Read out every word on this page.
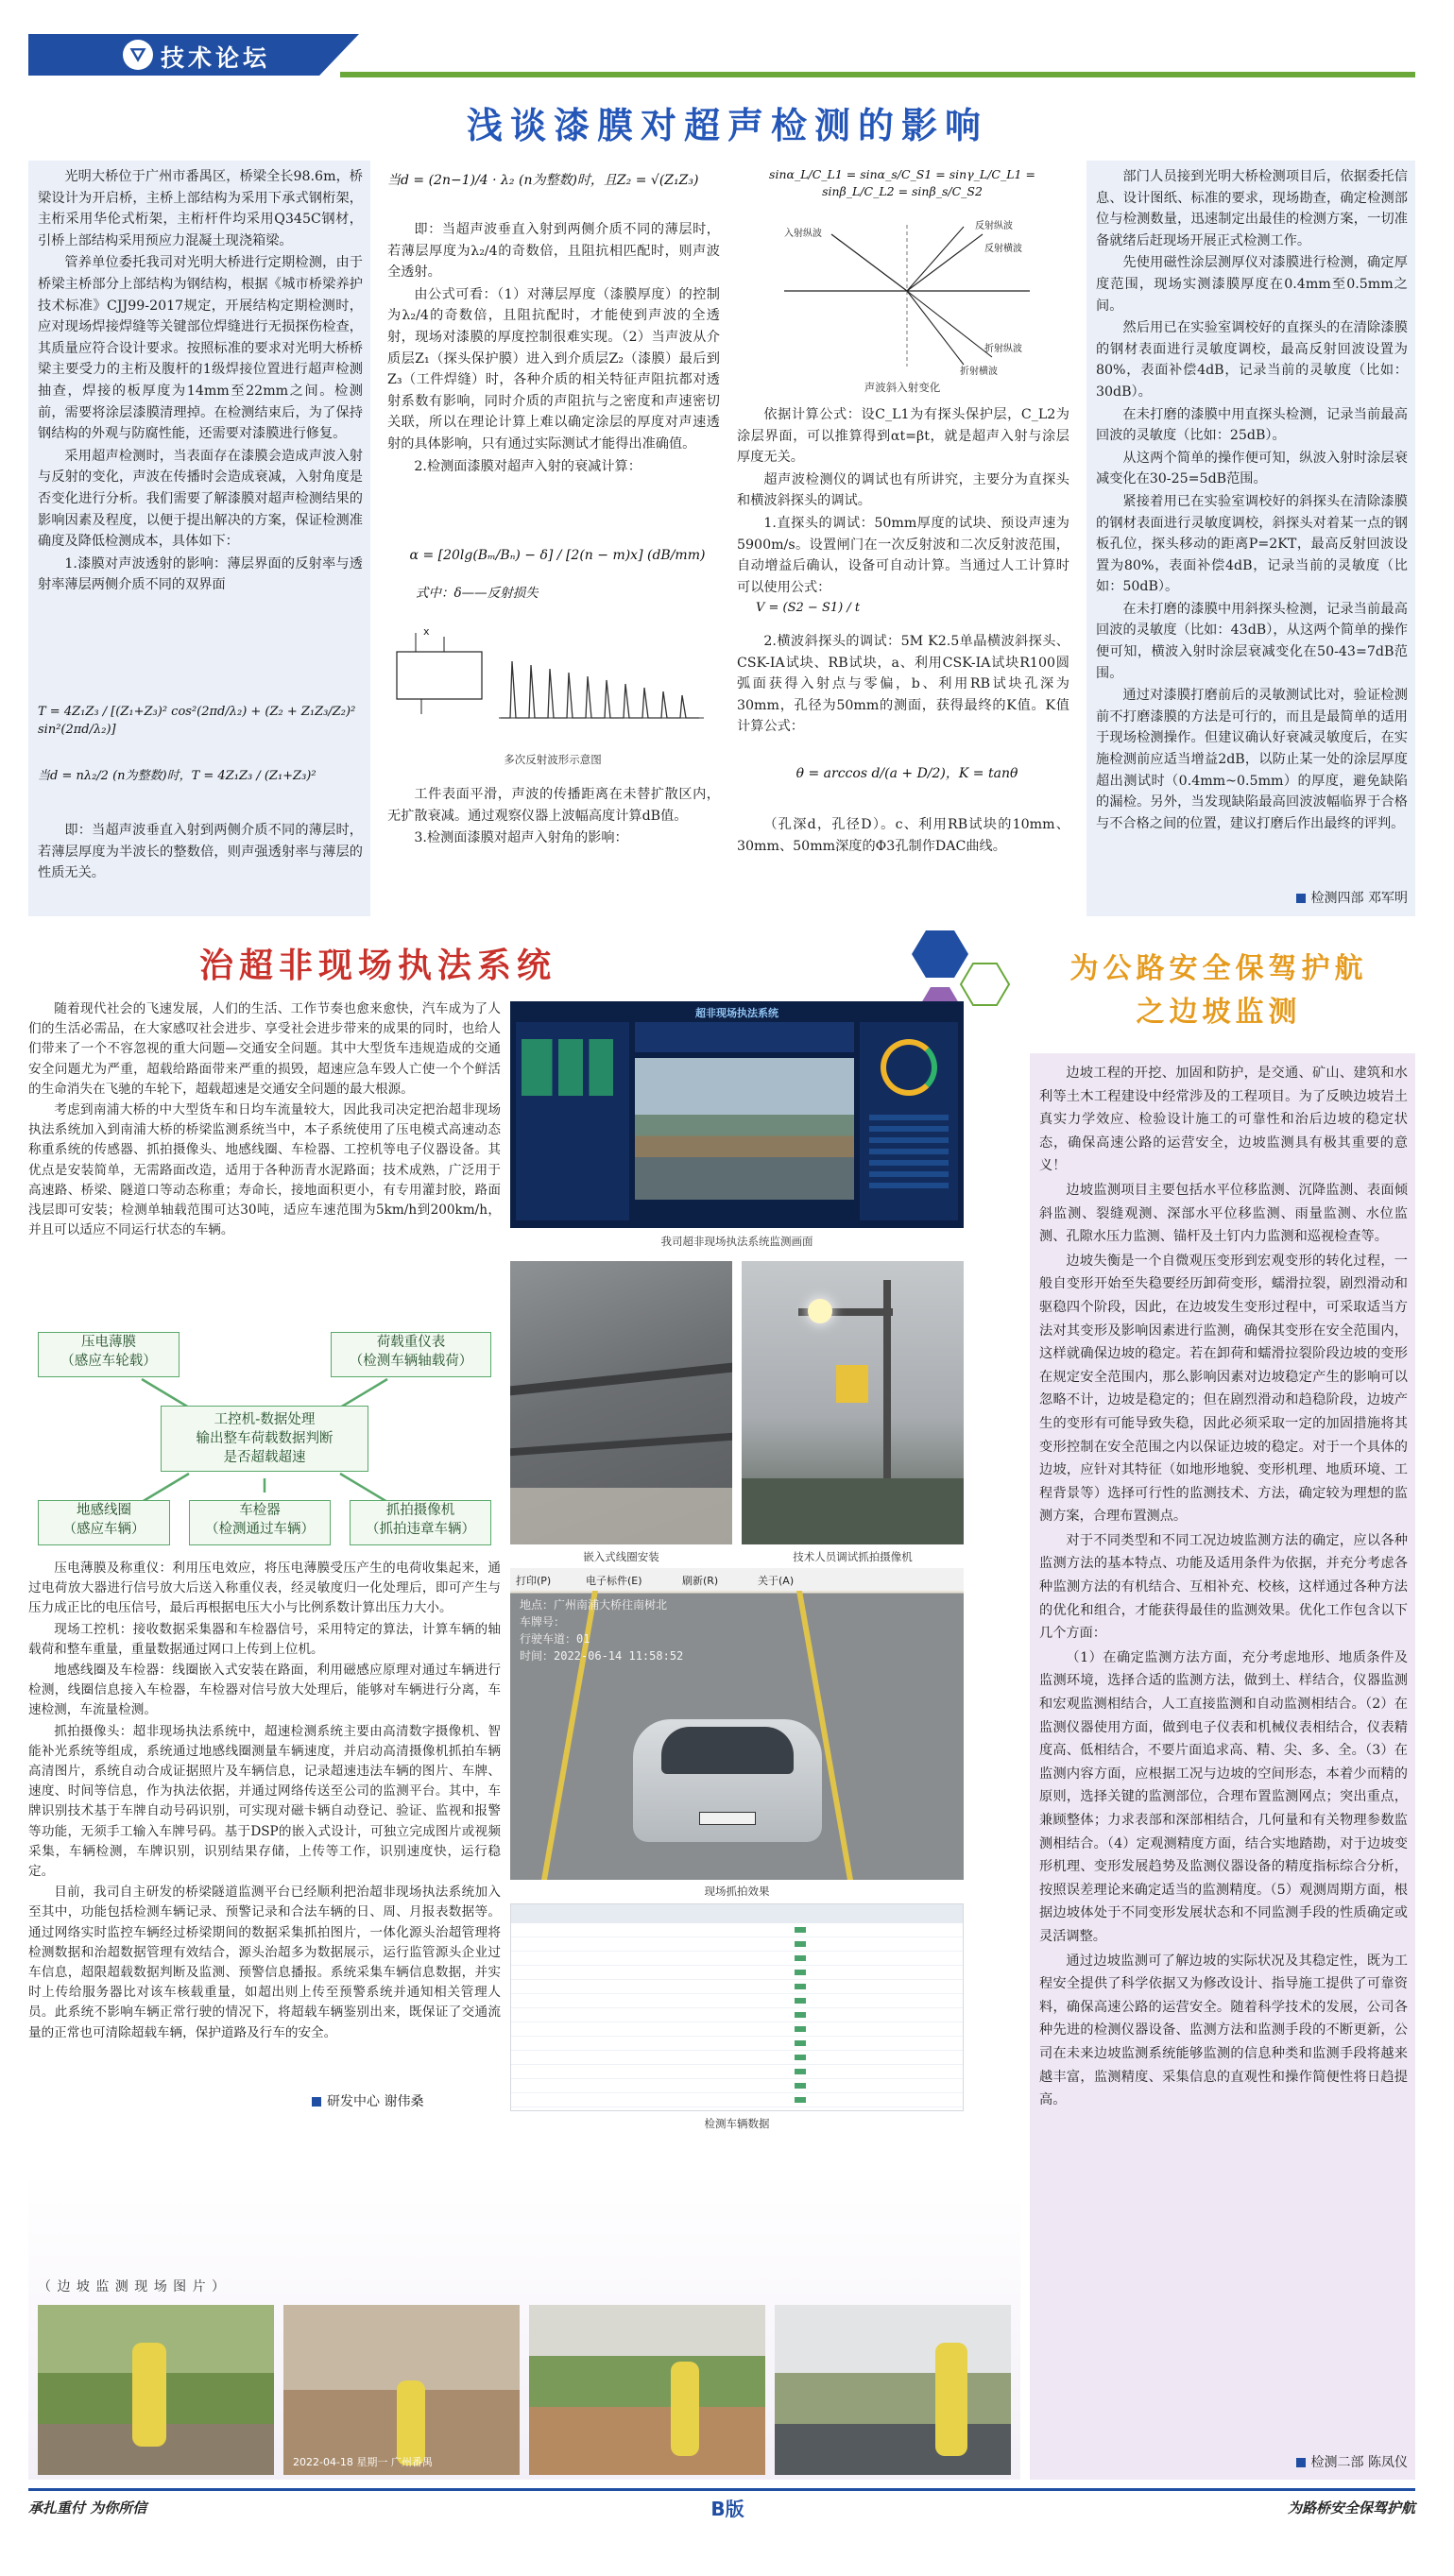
⛛ 技术论坛
浅谈漆膜对超声检测的影响

光明大桥位于广州市番禺区，桥梁全长98.6m，桥梁设计为开启桥，主桥上部结构为采用下承式钢桁架，主桁采用华伦式桁架，主桁杆件均采用Q345C钢材，引桥上部结构采用预应力混凝土现浇箱梁。

管养单位委托我司对光明大桥进行定期检测，由于桥梁主桥部分上部结构为钢结构，根据《城市桥梁养护技术标准》CJJ99-2017规定，开展结构定期检测时，应对现场焊接焊缝等关键部位焊缝进行无损探伤检查，其质量应符合设计要求。按照标准的要求对光明大桥桥梁主要受力的主桁及腹杆的1级焊接位置进行超声检测抽查，焊接的板厚度为14mm至22mm之间。检测前，需要将涂层漆膜清理掉。在检测结束后，为了保持钢结构的外观与防腐性能，还需要对漆膜进行修复。

采用超声检测时，当表面存在漆膜会造成声波入射与反射的变化，声波在传播时会造成衰减，入射角度是否变化进行分析。我们需要了解漆膜对超声检测结果的影响因素及程度，以便于提出解决的方案，保证检测准确度及降低检测成本，具体如下：

1.漆膜对声波透射的影响：薄层界面的反射率与透射率薄层两侧介质不同的双界面

T = 4Z₁Z₃ / [(Z₁+Z₃)² cos²(2πd/λ₂) + (Z₂ + Z₁Z₃/Z₂)² sin²(2πd/λ₂)]
当d = nλ₂/2 (n为整数)时，T = 4Z₁Z₃ / (Z₁+Z₃)²

即：当超声波垂直入射到两侧介质不同的薄层时，若薄层厚度为半波长的整数倍，则声强透射率与薄层的性质无关。

当d = (2n−1)/4 · λ₂ (n为整数)时，且Z₂ = √(Z₁Z₃)

即：当超声波垂直入射到两侧介质不同的薄层时，若薄层厚度为λ₂/4的奇数倍，且阻抗相匹配时，则声波全透射。

由公式可看：（1）对薄层厚度（漆膜厚度）的控制为λ₂/4的奇数倍，且阻抗配时，才能使到声波的全透射，现场对漆膜的厚度控制很难实现。（2）当声波从介质层Z₁（探头保护膜）进入到介质层Z₂（漆膜）最后到Z₃（工件焊缝）时，各种介质的相关特征声阻抗都对透射系数有影响，同时介质的声阻抗与之密度和声速密切关联，所以在理论计算上难以确定涂层的厚度对声速透射的具体影响，只有通过实际测试才能得出准确值。

2.检测面漆膜对超声入射的衰减计算：

α = [20lg(Bₘ/Bₙ) − δ] / [2(n − m)x] (dB/mm)
式中：δ——反射损失
x
多次反射波形示意图

工件表面平滑，声波的传播距离在未替扩散区内，无扩散衰减。通过观察仪器上波幅高度计算dB值。

3.检测面漆膜对超声入射角的影响：

sinα_L/C_L1 = sinα_s/C_S1 = sinγ_L/C_L1 = sinβ_L/C_L2 = sinβ_s/C_S2
入射纵波
反射纵波
反射横波
折射纵波
折射横波
声波斜入射变化

依据计算公式：设C_L1为有探头保护层，C_L2为涂层界面，可以推算得到αt=βt，就是超声入射与涂层厚度无关。

超声波检测仪的调试也有所讲究，主要分为直探头和横波斜探头的调试。

1.直探头的调试：50mm厚度的试块、预设声速为5900m/s。设置闸门在一次反射波和二次反射波范围，自动增益后确认，设备可自动计算。当通过人工计算时可以使用公式：

V = (S2 − S1) / t

2.横波斜探头的调试：5M K2.5单晶横波斜探头、CSK-IA试块、RB试块，a、利用CSK-IA试块R100圆弧面获得入射点与零偏，b、利用RB试块孔深为30mm，孔径为50mm的测面，获得最终的K值。K值计算公式：

θ = arccos d/(a + D/2)，K = tanθ

（孔深d，孔径D）。c、利用RB试块的10mm、30mm、50mm深度的Φ3孔制作DAC曲线。

部门人员接到光明大桥检测项目后，依据委托信息、设计图纸、标准的要求，现场勘查，确定检测部位与检测数量，迅速制定出最佳的检测方案，一切准备就绪后赶现场开展正式检测工作。

先使用磁性涂层测厚仪对漆膜进行检测，确定厚度范围，现场实测漆膜厚度在0.4mm至0.5mm之间。

然后用已在实验室调校好的直探头的在清除漆膜的钢材表面进行灵敏度调校，最高反射回波设置为80%，表面补偿4dB，记录当前的灵敏度（比如：30dB）。

在未打磨的漆膜中用直探头检测，记录当前最高回波的灵敏度（比如：25dB）。

从这两个简单的操作便可知，纵波入射时涂层衰减变化在30-25=5dB范围。

紧接着用已在实验室调校好的斜探头在清除漆膜的钢材表面进行灵敏度调校，斜探头对着某一点的钢板孔位，探头移动的距离P=2KT，最高反射回波设置为80%，表面补偿4dB，记录当前的灵敏度（比如：50dB）。

在未打磨的漆膜中用斜探头检测，记录当前最高回波的灵敏度（比如：43dB），从这两个简单的操作便可知，横波入射时涂层衰减变化在50-43=7dB范围。

通过对漆膜打磨前后的灵敏测试比对，验证检测前不打磨漆膜的方法是可行的，而且是最简单的适用于现场检测操作。但建议确认好衰减灵敏度后，在实施检测前应适当增益2dB，以防止某一处的涂层厚度超出测试时（0.4mm~0.5mm）的厚度，避免缺陷的漏检。另外，当发现缺陷最高回波波幅临界于合格与不合格之间的位置，建议打磨后作出最终的评判。

检测四部 邓军明
治超非现场执法系统

随着现代社会的飞速发展，人们的生活、工作节奏也愈来愈快，汽车成为了人们的生活必需品，在大家感叹社会进步、享受社会进步带来的成果的同时，也给人们带来了一个不容忽视的重大问题—交通安全问题。其中大型货车违规造成的交通安全问题尤为严重，超载给路面带来严重的损毁，超速应急车毁人亡使一个个鲜活的生命消失在飞驰的车轮下，超载超速是交通安全问题的最大根源。

考虑到南浦大桥的中大型货车和日均车流量较大，因此我司决定把治超非现场执法系统加入到南浦大桥的桥梁监测系统当中，本子系统使用了压电模式高速动态称重系统的传感器、抓拍摄像头、地感线圈、车检器、工控机等电子仪器设备。其优点是安装简单，无需路面改造，适用于各种沥青水泥路面；技术成熟，广泛用于高速路、桥梁、隧道口等动态称重；寿命长，接地面积更小，有专用灌封胶，路面浅层即可安装；检测单轴载范围可达30吨，适应车速范围为5km/h到200km/h，并且可以适应不同运行状态的车辆。

压电薄膜
（感应车轮载）
荷载重仪表
（检测车辆轴载荷）
工控机-数据处理
输出整车荷载数据判断
是否超载超速
地感线圈
（感应车辆）
车检器
（检测通过车辆）
抓拍摄像机
（抓拍违章车辆）

压电薄膜及称重仪：利用压电效应，将压电薄膜受压产生的电荷收集起来，通过电荷放大器进行信号放大后送入称重仪表，经灵敏度归一化处理后，即可产生与压力成正比的电压信号，最后再根据电压大小与比例系数计算出压力大小。

现场工控机：接收数据采集器和车检器信号，采用特定的算法，计算车辆的轴载荷和整车重量，重量数据通过网口上传到上位机。

地感线圈及车检器：线圈嵌入式安装在路面，利用磁感应原理对通过车辆进行检测，线圈信息接入车检器，车检器对信号放大处理后，能够对车辆进行分离，车速检测，车流量检测。

抓拍摄像头：超非现场执法系统中，超速检测系统主要由高清数字摄像机、智能补光系统等组成，系统通过地感线圈测量车辆速度，并启动高清摄像机抓拍车辆高清图片，系统自动合成证据照片及车辆信息，记录超速违法车辆的图片、车牌、速度、时间等信息，作为执法依据，并通过网络传送至公司的监测平台。其中，车牌识别技术基于车牌自动号码识别，可实现对磁卡辆自动登记、验证、监视和报警等功能，无须手工输入车牌号码。基于DSP的嵌入式设计，可独立完成图片或视频采集，车辆检测，车牌识别，识别结果存储，上传等工作，识别速度快，运行稳定。

目前，我司自主研发的桥梁隧道监测平台已经顺利把治超非现场执法系统加入至其中，功能包括检测车辆记录、预警记录和合法车辆的日、周、月报表数据等。通过网络实时监控车辆经过桥梁期间的数据采集抓拍图片，一体化源头治超管理将检测数据和治超数据管理有效结合，源头治超多为数据展示，运行监管源头企业过车信息，超限超载数据判断及监测、预警信息播报。系统采集车辆信息数据，并实时上传给服务器比对该车核载重量，如超出则上传至预警系统并通知相关管理人员。此系统不影响车辆正常行驶的情况下，将超载车辆鉴别出来，既保证了交通流量的正常也可清除超载车辆，保护道路及行车的安全。

研发中心 谢伟桑
超非现场执法系统
我司超非现场执法系统监测画面
嵌入式线圈安装	技术人员调试抓拍摄像机
打印(P)	电子标件(E)	刷新(R)	关于(A)
地点：广州南浦大桥往南树北
车牌号：
行驶车道：01
时间：2022-06-14 11:58:52
现场抓拍效果
检测车辆数据
为公路安全保驾护航
之边坡监测

边坡工程的开挖、加固和防护，是交通、矿山、建筑和水利等土木工程建设中经常涉及的工程项目。为了反映边坡岩土真实力学效应、检验设计施工的可靠性和治后边坡的稳定状态，确保高速公路的运营安全，边坡监测具有极其重要的意义！

边坡监测项目主要包括水平位移监测、沉降监测、表面倾斜监测、裂缝观测、深部水平位移监测、雨量监测、水位监测、孔隙水压力监测、锚杆及土钉内力监测和巡视检查等。

边坡失衡是一个自微观压变形到宏观变形的转化过程，一般自变形开始至失稳要经历卸荷变形，蠕滑拉裂，剧烈滑动和驱稳四个阶段，因此，在边坡发生变形过程中，可采取适当方法对其变形及影响因素进行监测，确保其变形在安全范围内，这样就确保边坡的稳定。若在卸荷和蠕滑拉裂阶段边坡的变形在规定安全范围内，那么影响因素对边坡稳定产生的影响可以忽略不计，边坡是稳定的；但在剧烈滑动和趋稳阶段，边坡产生的变形有可能导致失稳，因此必须采取一定的加固措施将其变形控制在安全范围之内以保证边坡的稳定。对于一个具体的边坡，应针对其特征（如地形地貌、变形机理、地质环境、工程背景等）选择可行性的监测技术、方法，确定较为理想的监测方案，合理布置测点。

对于不同类型和不同工况边坡监测方法的确定，应以各种监测方法的基本特点、功能及适用条件为依据，并充分考虑各种监测方法的有机结合、互相补充、校核，这样通过各种方法的优化和组合，才能获得最佳的监测效果。优化工作包含以下几个方面：

（1）在确定监测方法方面，充分考虑地形、地质条件及监测环境，选择合适的监测方法，做到土、样结合，仪器监测和宏观监测相结合，人工直接监测和自动监测相结合。（2）在监测仪器使用方面，做到电子仪表和机械仪表相结合，仪表精度高、低相结合，不要片面追求高、精、尖、多、全。（3）在监测内容方面，应根据工况与边坡的空间形态，本着少而精的原则，选择关键的监测部位，合理布置监测网点；突出重点，兼顾整体；力求表部和深部相结合，几何量和有关物理参数监测相结合。（4）定观测精度方面，结合实地踏勘，对于边坡变形机理、变形发展趋势及监测仪器设备的精度指标综合分析，按照误差理论来确定适当的监测精度。（5）观测周期方面，根据边坡体处于不同变形发展状态和不同监测手段的性质确定或灵活调整。

通过边坡监测可了解边坡的实际状况及其稳定性，既为工程安全提供了科学依据又为修改设计、指导施工提供了可靠资料，确保高速公路的运营安全。随着科学技术的发展，公司各种先进的检测仪器设备、监测方法和监测手段的不断更新，公司在未来边坡监测系统能够监测的信息种类和监测手段将越来越丰富，监测精度、采集信息的直观性和操作简便性将日趋提高。

检测二部 陈凤仪
（ 边 坡 监 测 现 场 图 片 ）
2022-04-18 星期一 广州番禺
承扎重付 为你所信	B版	为路桥安全保驾护航
